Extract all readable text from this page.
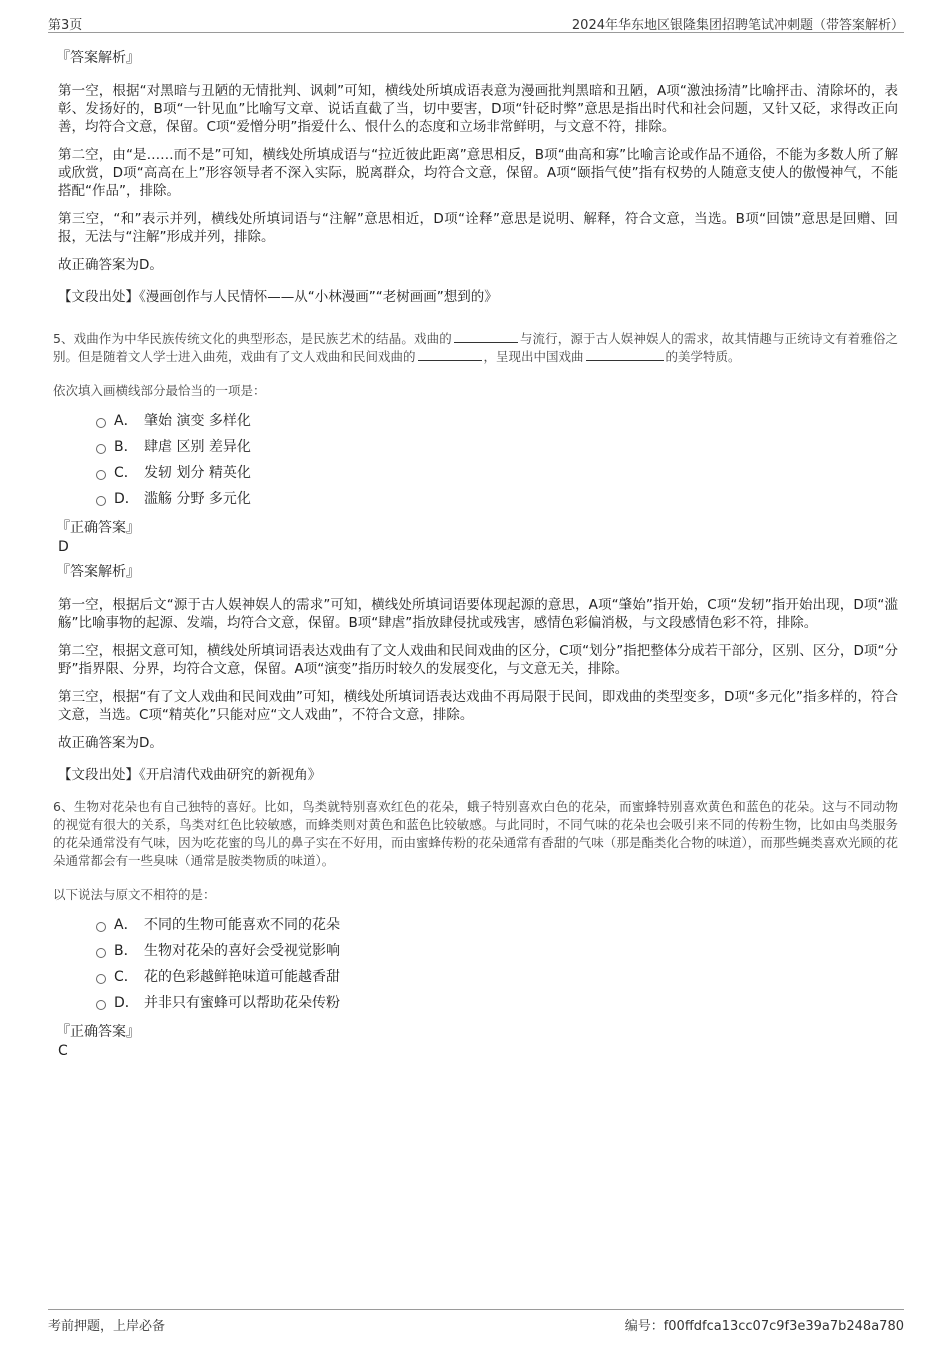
第3页	2024年华东地区银隆集团招聘笔试冲刺题（带答案解析）
『答案解析』

第一空，根据“对黑暗与丑陋的无情批判、讽刺”可知，横线处所填成语表意为漫画批判黑暗和丑陋，A项“激浊扬清”比喻抨击、清除坏的，表彰、发扬好的，B项“一针见血”比喻写文章、说话直截了当，切中要害，D项“针砭时弊”意思是指出时代和社会问题，又针又砭，求得改正向善，均符合文意，保留。C项“爱憎分明”指爱什么、恨什么的态度和立场非常鲜明，与文意不符，排除。

第二空，由“是……而不是”可知，横线处所填成语与“拉近彼此距离”意思相反，B项“曲高和寡”比喻言论或作品不通俗，不能为多数人所了解或欣赏，D项“高高在上”形容领导者不深入实际，脱离群众，均符合文意，保留。A项“颐指气使”指有权势的人随意支使人的傲慢神气，不能搭配“作品”，排除。

第三空，“和”表示并列，横线处所填词语与“注解”意思相近，D项“诠释”意思是说明、解释，符合文意，当选。B项“回馈”意思是回赠、回报，无法与“注解”形成并列，排除。

故正确答案为D。

【文段出处】《漫画创作与人民情怀——从“小林漫画”“老树画画”想到的》

5、戏曲作为中华民族传统文化的典型形态，是民族艺术的结晶。戏曲的	与流行，源于古人娱神娱人的需求，故其情趣与正统诗文有着雅俗之别。但是随着文人学士进入曲苑，戏曲有了文人戏曲和民间戏曲的	，呈现出中国戏曲	的美学特质。

依次填入画横线部分最恰当的一项是：
A． 肇始 演变 多样化
B． 肆虐 区别 差异化
C． 发轫 划分 精英化
D． 滥觞 分野 多元化
『正确答案』
D
『答案解析』

第一空，根据后文“源于古人娱神娱人的需求”可知，横线处所填词语要体现起源的意思，A项“肇始”指开始，C项“发轫”指开始出现，D项“滥觞”比喻事物的起源、发端，均符合文意，保留。B项“肆虐”指放肆侵扰或残害，感情色彩偏消极，与文段感情色彩不符，排除。

第二空，根据文意可知，横线处所填词语表达戏曲有了文人戏曲和民间戏曲的区分，C项“划分”指把整体分成若干部分，区别、区分，D项“分野”指界限、分界，均符合文意，保留。A项“演变”指历时较久的发展变化，与文意无关，排除。

第三空，根据“有了文人戏曲和民间戏曲”可知，横线处所填词语表达戏曲不再局限于民间，即戏曲的类型变多，D项“多元化”指多样的，符合文意，当选。C项“精英化”只能对应“文人戏曲”，不符合文意，排除。

故正确答案为D。

【文段出处】《开启清代戏曲研究的新视角》

6、生物对花朵也有自己独特的喜好。比如，鸟类就特别喜欢红色的花朵，蛾子特别喜欢白色的花朵，而蜜蜂特别喜欢黄色和蓝色的花朵。这与不同动物的视觉有很大的关系，鸟类对红色比较敏感，而蜂类则对黄色和蓝色比较敏感。与此同时，不同气味的花朵也会吸引来不同的传粉生物，比如由鸟类服务的花朵通常没有气味，因为吃花蜜的鸟儿的鼻子实在不好用，而由蜜蜂传粉的花朵通常有香甜的气味（那是酯类化合物的味道），而那些蝇类喜欢光顾的花朵通常都会有一些臭味（通常是胺类物质的味道）。

以下说法与原文不相符的是：
A． 不同的生物可能喜欢不同的花朵
B． 生物对花朵的喜好会受视觉影响
C． 花的色彩越鲜艳味道可能越香甜
D． 并非只有蜜蜂可以帮助花朵传粉
『正确答案』
C
考前押题，上岸必备	编号：f00ffdfca13cc07c9f3e39a7b248a780
